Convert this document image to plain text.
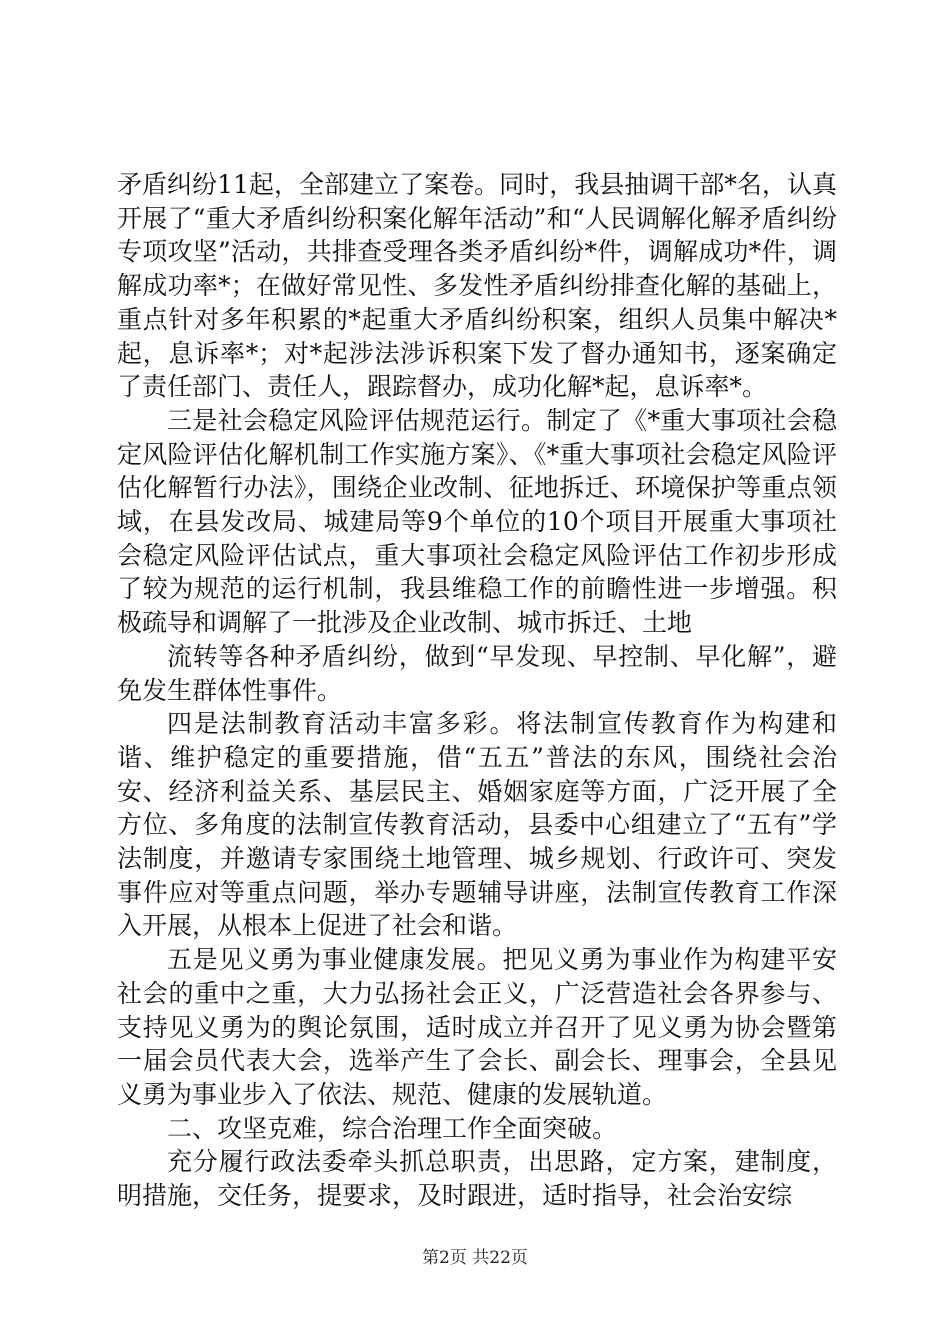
矛盾纠纷11起，全部建立了案卷。同时，我县抽调干部*名，认真开展了“重大矛盾纠纷积案化解年活动”和“人民调解化解矛盾纠纷专项攻坚”活动，共排查受理各类矛盾纠纷*件，调解成功*件，调解成功率*；在做好常见性、多发性矛盾纠纷排查化解的基础上，重点针对多年积累的*起重大矛盾纠纷积案，组织人员集中解决*起，息诉率*；对*起涉法涉诉积案下发了督办通知书，逐案确定了责任部门、责任人，跟踪督办，成功化解*起，息诉率*。

三是社会稳定风险评估规范运行。制定了《*重大事项社会稳定风险评估化解机制工作实施方案》、《*重大事项社会稳定风险评估化解暂行办法》，围绕企业改制、征地拆迁、环境保护等重点领域，在县发改局、城建局等9个单位的10个项目开展重大事项社会稳定风险评估试点，重大事项社会稳定风险评估工作初步形成了较为规范的运行机制，我县维稳工作的前瞻性进一步增强。积极疏导和调解了一批涉及企业改制、城市拆迁、土地

流转等各种矛盾纠纷，做到“早发现、早控制、早化解”，避免发生群体性事件。

四是法制教育活动丰富多彩。将法制宣传教育作为构建和谐、维护稳定的重要措施，借“五五”普法的东风，围绕社会治安、经济利益关系、基层民主、婚姻家庭等方面，广泛开展了全方位、多角度的法制宣传教育活动，县委中心组建立了“五有”学法制度，并邀请专家围绕土地管理、城乡规划、行政许可、突发事件应对等重点问题，举办专题辅导讲座，法制宣传教育工作深入开展，从根本上促进了社会和谐。

五是见义勇为事业健康发展。把见义勇为事业作为构建平安社会的重中之重，大力弘扬社会正义，广泛营造社会各界参与、支持见义勇为的舆论氛围，适时成立并召开了见义勇为协会暨第一届会员代表大会，选举产生了会长、副会长、理事会，全县见义勇为事业步入了依法、规范、健康的发展轨道。

二、攻坚克难，综合治理工作全面突破。

充分履行政法委牵头抓总职责，出思路，定方案，建制度，明措施，交任务，提要求，及时跟进，适时指导，社会治安综

第2页 共22页
